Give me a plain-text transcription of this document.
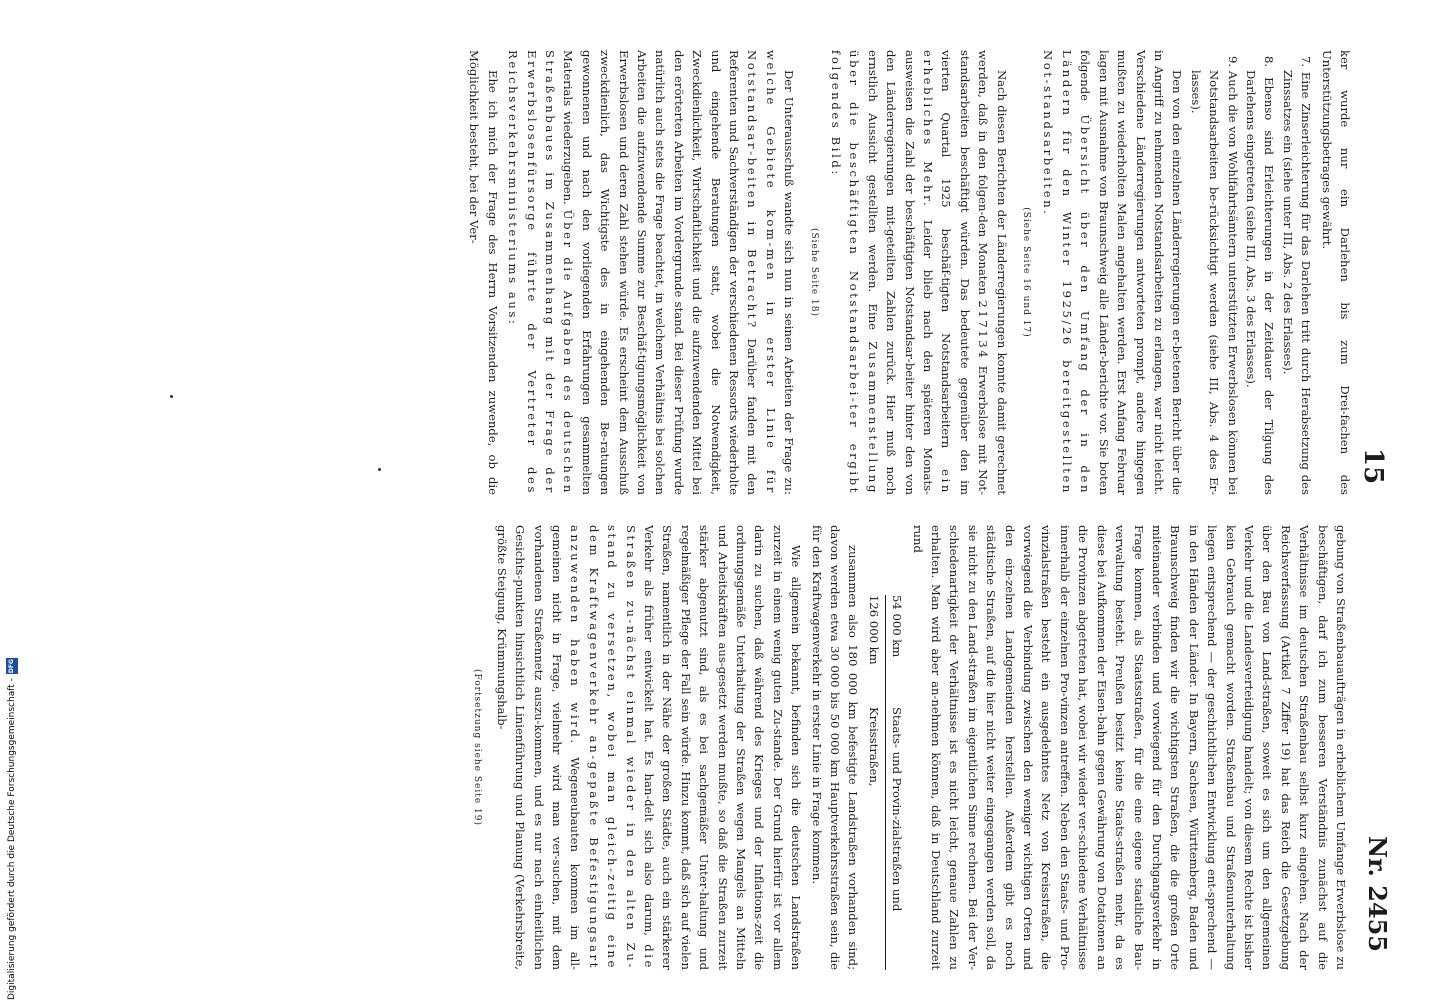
15
Nr. 2455

ker wurde nur ein Darlehen bis zum Drei-fachen des Unterstützungsbetrages gewährt.

7. Eine Zinserleichterung für das Darlehen tritt durch Herabsetzung des Zinssatzes ein (siehe unter III, Abs. 2 des Erlasses).
8. Ebenso sind Erleichterungen in der Zeitdauer der Tilgung des Darlehens eingetreten (siehe III, Abs. 3 des Erlasses).
9. Auch die von Wohlfahrtsämtern unterstützten Erwerbslosen können bei Notstandsarbeiten be-rücksichtigt werden (siehe III, Abs. 4 des Er-lasses).

Den von den einzelnen Länderregierungen er-betenen Bericht über die in Angriff zu nehmenden Notstandsarbeiten zu erlangen, war nicht leicht. Verschiedene Länderregierungen antworteten prompt, andere hingegen mußten zu wiederholten Malen angehalten werden. Erst Anfang Februar lagen mit Ausnahme von Braunschweig alle Länder-berichte vor. Sie boten folgende Übersicht über den Umfang der in den Ländern für den Winter 1925/26 bereitgestellten Not-standsarbeiten.

(Siehe Seite 16 und 17)

Nach diesen Berichten der Länderregierungen konnte damit gerechnet werden, daß in den folgen-den Monaten 217134 Erwerbslose mit Not-standsarbeiten beschäftigt würden. Das bedeutete gegenüber den im vierten Quartal 1925 beschäf-tigten Notstandsarbeitern ein erhebliches Mehr. Leider blieb nach den späteren Monats-ausweisen die Zahl der beschäftigten Notstandsar-beiter hinter den von den Länderregierungen mit-geteilten Zahlen zurück. Hier muß noch ernstlich Aussicht gestellten werden. Eine Zusammenstellung über die beschäftigten Notstandsarbei-ter ergibt folgendes Bild:

(Siehe Seite 18)

Der Unterausschuß wandte sich nun in seinen Arbeiten der Frage zu: welche Gebiete kom-men in erster Linie für Notstandsar-beiten in Betracht? Darüber fanden mit den Referenten und Sachverständigen der verschiedenen Ressorts wiederholte und eingehende Beratungen statt, wobei die Notwendigkeit, Zweckdienlichkeit, Wirtschaftlichkeit und die aufzuwendenden Mittel bei den erörterten Arbeiten im Vordergrunde stand. Bei dieser Prüfung wurde natürlich auch stets die Frage beachtet, in welchem Verhältnis bei solchen Arbeiten die aufzuwendende Summe zur Beschäf-tigungsmöglichkeit von Erwerbslosen und deren Zahl stehen würde. Es erscheint dem Ausschuß zweckdienlich, das Wichtigste des in eingehenden Be-ratungen gewonnenen und nach den vorliegenden Erfahrungen gesammelten Materials wiederzugeben. Über die Aufgaben des deutschen Straßenbaues im Zusammenhang mit der Frage der Erwerbslosenfürsorge führte der Vertreter des Reichsverkehrsministeriums aus:

Ehe ich mich der Frage des Herrn Vorsitzenden zuwende, ob die Möglichkeit besteht, bei der Ver-

gebung von Straßenbauaufträgen in erheblichem Umfange Erwerbslose zu beschäftigen, darf ich zum besseren Verständnis zunächst auf die Verhältnisse im deutschen Straßenbau selbst kurz eingehen. Nach der Reichsverfassung (Artikel 7 Ziffer 19) hat das Reich die Gesetzgebung über den Bau von Land-straßen, soweit es sich um den allgemeinen Verkehr und die Landesverteidigung handelt; von diesem Rechte ist bisher kein Gebrauch gemacht worden. Straßenbau und Straßenunterhaltung liegen entsprechend — der geschichtlichen Entwicklung ent-sprechend — in den Händen der Länder. In Bayern, Sachsen, Württemberg, Baden und Braunschweig finden wir die wichtigsten Straßen, die die großen Orte miteinander verbinden und vorwiegend für den Durchgangsverkehr in Frage kommen, als Staatsstraßen, für die eine eigene staatliche Bau-verwaltung besteht. Preußen besitzt keine Staats-straßen mehr, da es diese bei Aufkommen der Eisen-bahn gegen Gewährung von Dotationen an die Provinzen abgetreten hat, wobei wir wieder ver-schiedene Verhältnisse innerhalb der einzelnen Pro-vinzen antreffen. Neben den Staats- und Pro-vinzialstraßen besteht ein ausgedehntes Netz von Kreisstraßen, die vorwiegend die Verbindung zwischen den weniger wichtigen Orten und den ein-zelnen Landgemeinden herstellen. Außerdem gibt es noch städtische Straßen, auf die hier nicht weiter eingegangen werden soll, da sie nicht zu den Land-straßen im eigentlichen Sinne rechnen. Bei der Ver-schiedenartigkeit der Verhältnisse ist es nicht leicht, genaue Zahlen zu erhalten. Man wird aber an-nehmen können, daß in Deutschland zurzeit rund

54 000 km
Staats- und Provin-zialstraßen und
126 000 km
Kreisstraßen,

zusammen also 180 000 km befestigte Landstraßen vorhanden sind; davon werden etwa 30 000 bis 50 000 km Hauptverkehrsstraßen sein, die für den Kraftwagenverkehr in erster Linie in Frage kommen.

Wie allgemein bekannt, befinden sich die deutschen Landstraßen zurzeit in einem wenig guten Zu-stande. Der Grund hierfür ist vor allem darin zu suchen, daß während des Krieges und der Inflations-zeit die ordnungsgemäße Unterhaltung der Straßen wegen Mangels an Mitteln und Arbeitskräften aus-gesetzt werden mußte, so daß die Straßen zurzeit stärker abgenutzt sind, als es bei sachgemäßer Unter-haltung und regelmäßiger Pflege der Fall sein würde. Hinzu kommt, daß sich auf vielen Straßen, namentlich in der Nähe der großen Städte, auch ein stärkerer Verkehr als früher entwickelt hat. Es han-delt sich also darum, die Straßen zu-nächst einmal wieder in den alten Zu-stand zu versetzen, wobei man gleich-zeitig eine dem Kraftwagenverkehr an-gepaßte Befestigungsart anzuwenden haben wird. Wegeneubauten kommen im all-gemeinen nicht in Frage, vielmehr wird man ver-suchen, mit dem vorhandenen Straßennetz auszu-kommen, und es nur nach einheitlichen Gesichts-punkten hinsichtlich Linienführung und Planung (Verkehrsbreite, größte Steigung, Krümmungshalb-

(Fortsetzung siehe Seite 19)
Digitalisierung gefördert durch die Deutsche Forschungsgemeinschaft -
DFG
